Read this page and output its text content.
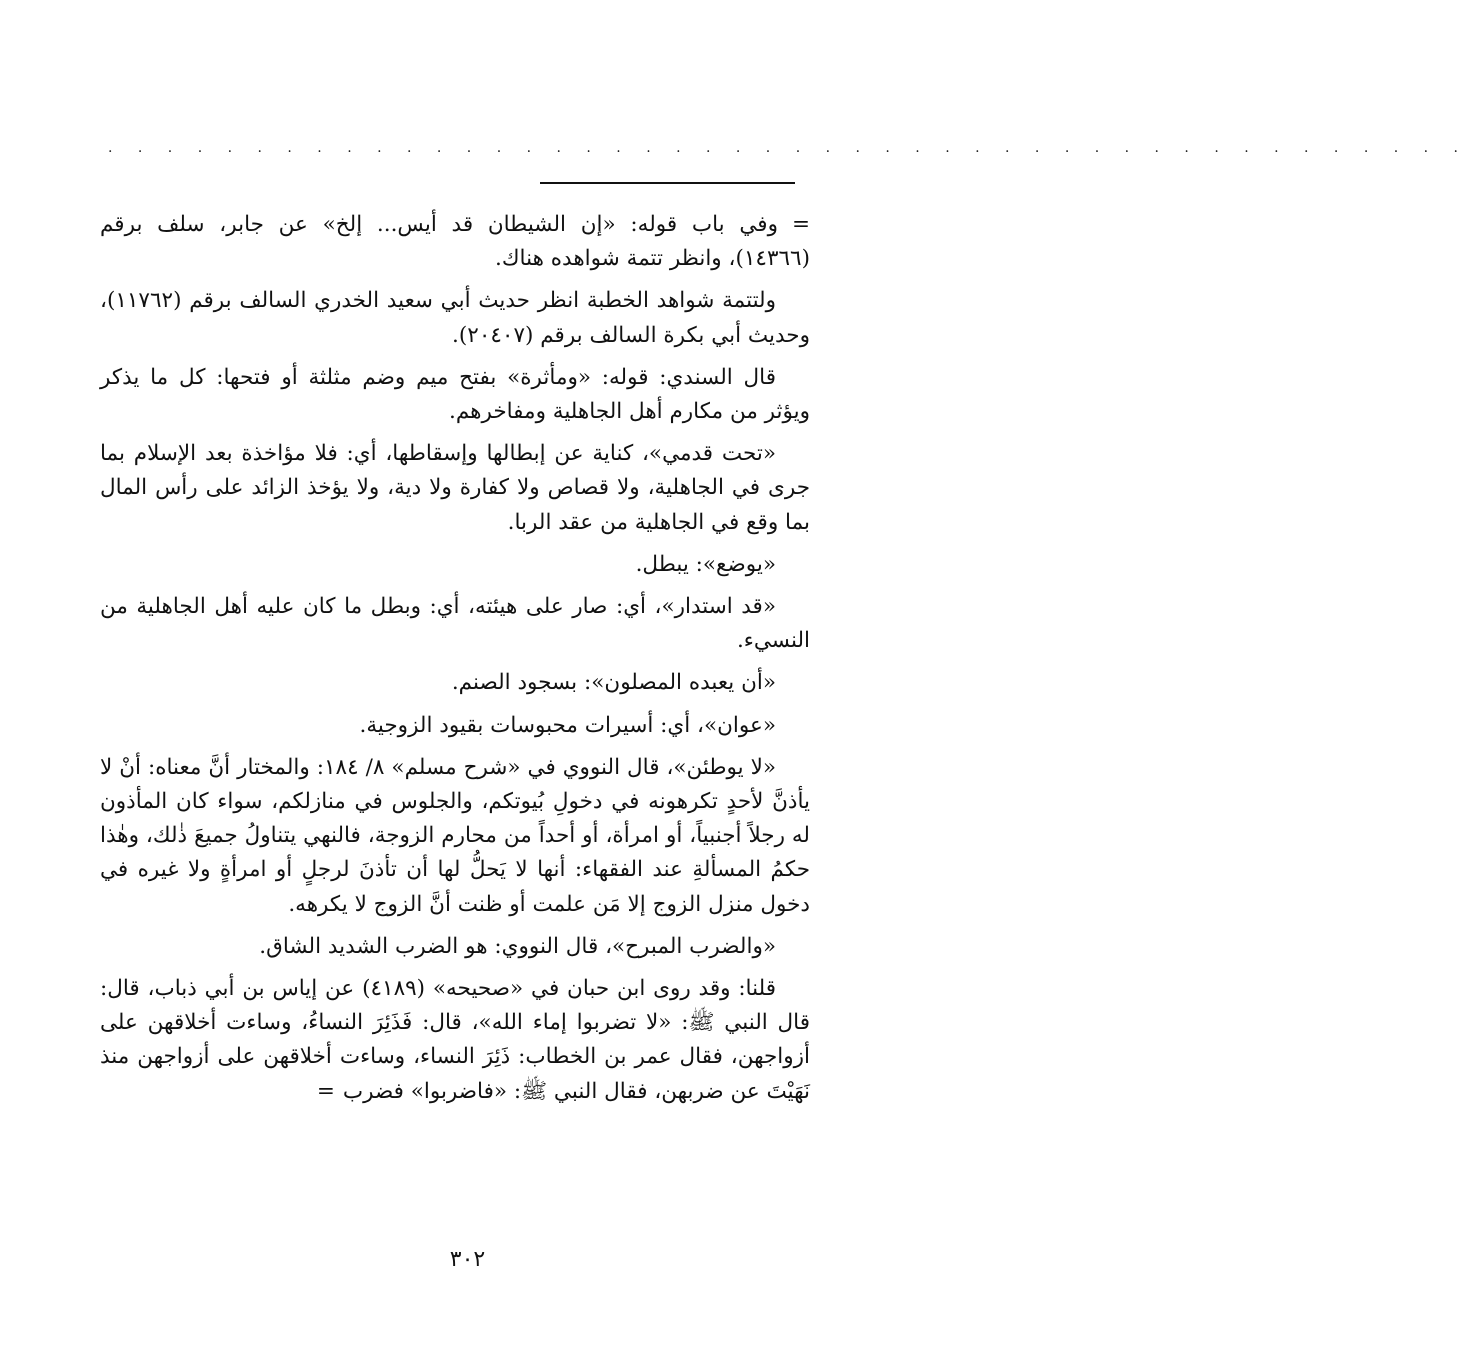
. . . . . . . . . . . . . . . . . . . . . . . . . . . . . . . . . . . . . . . . . . . . . .

=وفي باب قوله: «إن الشيطان قد أيس... إلخ» عن جابر، سلف برقم (١٤٣٦٦)، وانظر تتمة شواهده هناك.

ولتتمة شواهد الخطبة انظر حديث أبي سعيد الخدري السالف برقم (١١٧٦٢)، وحديث أبي بكرة السالف برقم (٢٠٤٠٧).

قال السندي: قوله: «ومأثرة» بفتح ميم وضم مثلثة أو فتحها: كل ما يذكر ويؤثر من مكارم أهل الجاهلية ومفاخرهم.

«تحت قدمي»، كناية عن إبطالها وإسقاطها، أي: فلا مؤاخذة بعد الإسلام بما جرى في الجاهلية، ولا قصاص ولا كفارة ولا دية، ولا يؤخذ الزائد على رأس المال بما وقع في الجاهلية من عقد الربا.

«يوضع»: يبطل.

«قد استدار»، أي: صار على هيئته، أي: وبطل ما كان عليه أهل الجاهلية من النسيء.

«أن يعبده المصلون»: بسجود الصنم.

«عوان»، أي: أسيرات محبوسات بقيود الزوجية.

«لا يوطئن»، قال النووي في «شرح مسلم» ٨/ ١٨٤: والمختار أنَّ معناه: أنْ لا يأذنَّ لأحدٍ تكرهونه في دخولِ بُيوتكم، والجلوس في منازلكم، سواء كان المأذون له رجلاً أجنبياً، أو امرأة، أو أحداً من محارم الزوجة، فالنهي يتناولُ جميعَ ذٰلك، وهٰذا حكمُ المسألةِ عند الفقهاء: أنها لا يَحلُّ لها أن تأذنَ لرجلٍ أو امرأةٍ ولا غيره في دخول منزل الزوج إلا مَن علمت أو ظنت أنَّ الزوج لا يكرهه.

«والضرب المبرح»، قال النووي: هو الضرب الشديد الشاق.

قلنا: وقد روى ابن حبان في «صحيحه» (٤١٨٩) عن إياس بن أبي ذباب، قال: قال النبي ﷺ: «لا تضربوا إماء الله»، قال: فَذَئِرَ النساءُ، وساءت أخلاقهن على أزواجهن، فقال عمر بن الخطاب: ذَئِرَ النساء، وساءت أخلاقهن على أزواجهن منذ نَهَيْتَ عن ضربهن، فقال النبي ﷺ: «فاضربوا» فضرب=

٣٠٢
